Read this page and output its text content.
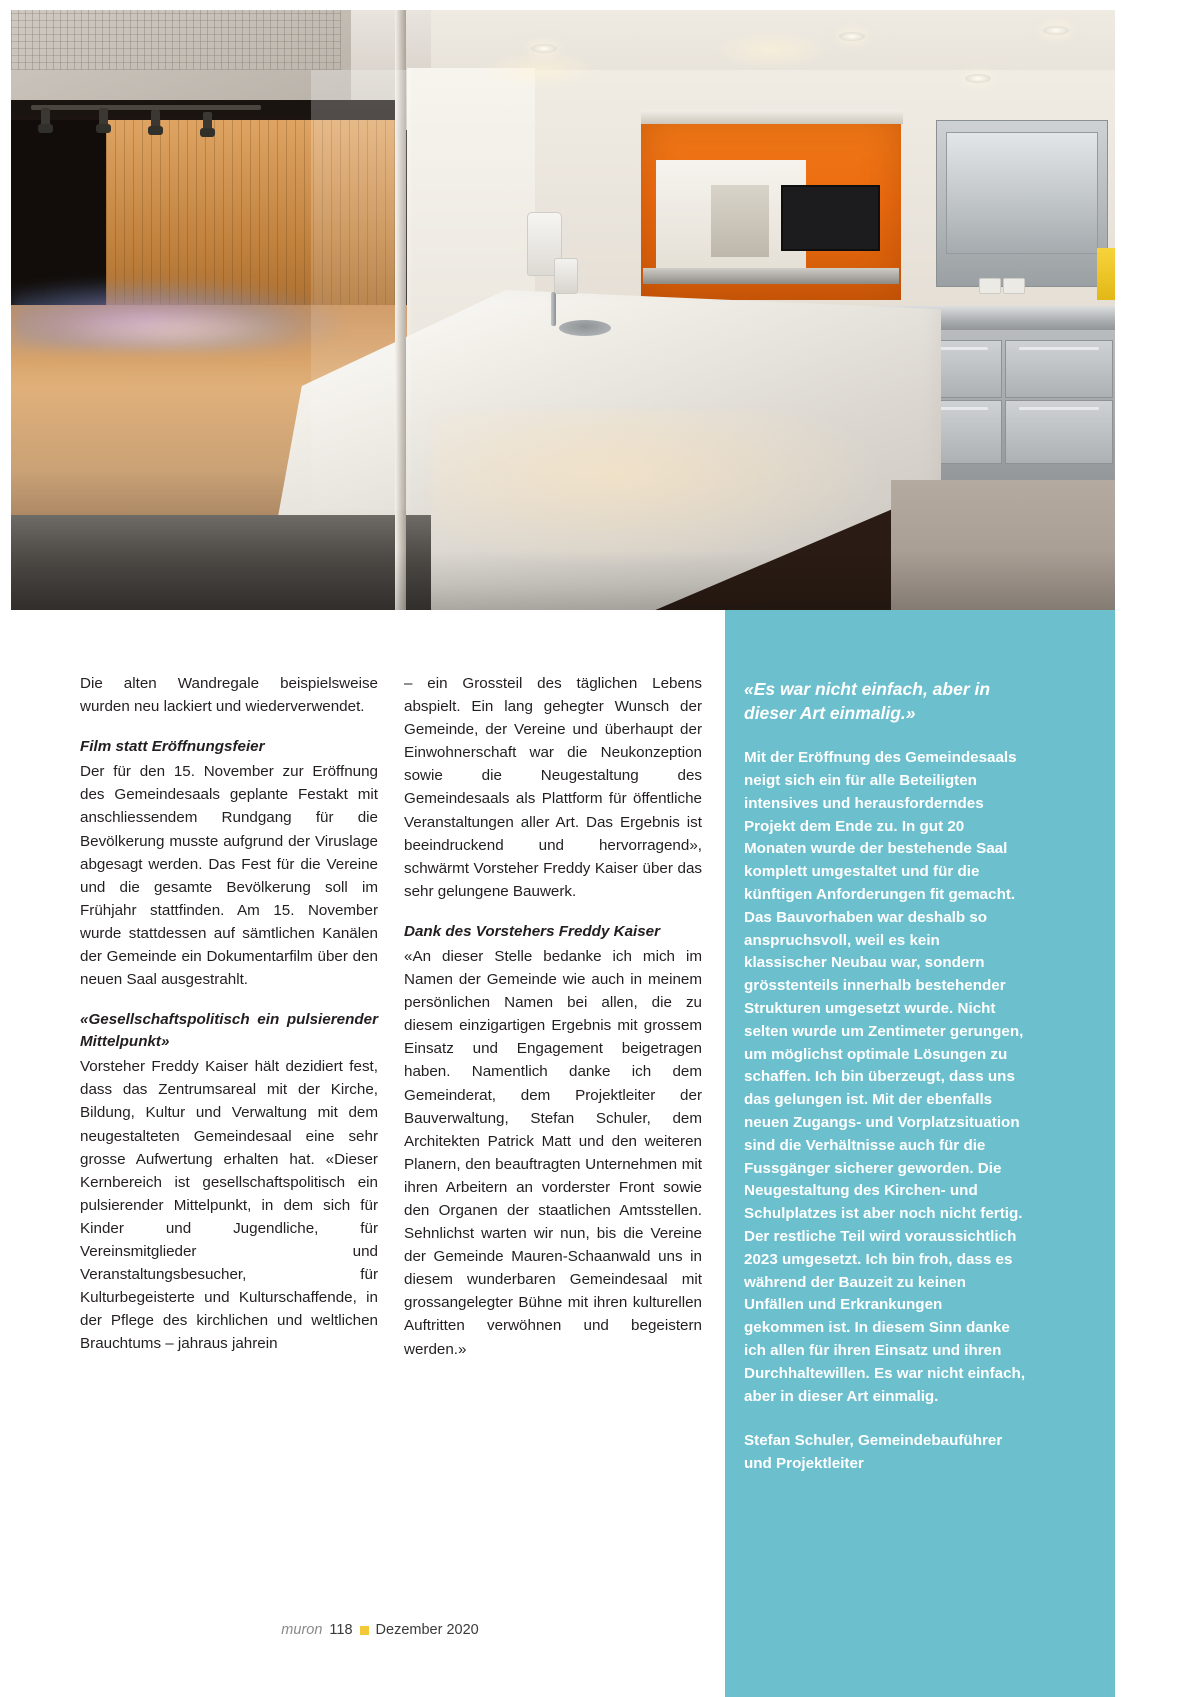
Die alten Wandregale beispielsweise wurden neu lackiert und wiederverwendet.

Film statt Eröffnungsfeier

Der für den 15. November zur Eröffnung des Gemeindesaals geplante Festakt mit anschliessendem Rundgang für die Bevölkerung musste aufgrund der Viruslage abgesagt werden. Das Fest für die Vereine und die gesamte Bevölkerung soll im Frühjahr stattfinden. Am 15. November wurde stattdessen auf sämtlichen Kanälen der Gemeinde ein Dokumentarfilm über den neuen Saal ausgestrahlt.

«Gesellschaftspolitisch ein pulsierender Mittelpunkt»

Vorsteher Freddy Kaiser hält dezidiert fest, dass das Zentrumsareal mit der Kirche, Bildung, Kultur und Verwaltung mit dem neugestalteten Gemeindesaal eine sehr grosse Aufwertung erhalten hat. «Dieser Kernbereich ist gesellschaftspolitisch ein pulsierender Mittelpunkt, in dem sich für Kinder und Jugendliche, für Vereinsmitglieder und Veranstaltungsbesucher, für Kulturbegeisterte und Kulturschaffende, in der Pflege des kirchlichen und weltlichen Brauchtums – jahraus jahrein

– ein Grossteil des täglichen Lebens abspielt. Ein lang gehegter Wunsch der Gemeinde, der Vereine und überhaupt der Einwohnerschaft war die Neukonzeption sowie die Neugestaltung des Gemeindesaals als Plattform für öffentliche Veranstaltungen aller Art. Das Ergebnis ist beeindruckend und hervorragend», schwärmt Vorsteher Freddy Kaiser über das sehr gelungene Bauwerk.

Dank des Vorstehers Freddy Kaiser

«An dieser Stelle bedanke ich mich im Namen der Gemeinde wie auch in meinem persönlichen Namen bei allen, die zu diesem einzigartigen Ergebnis mit grossem Einsatz und Engagement beigetragen haben. Namentlich danke ich dem Gemeinderat, dem Projektleiter der Bauverwaltung, Stefan Schuler, dem Architekten Patrick Matt und den weiteren Planern, den beauftragten Unternehmen mit ihren Arbeitern an vorderster Front sowie den Organen der staatlichen Amtsstellen. Sehnlichst warten wir nun, bis die Vereine der Gemeinde Mauren-Schaanwald uns in diesem wunderbaren Gemeindesaal mit grossangelegter Bühne mit ihren kulturellen Auftritten verwöhnen und begeistern werden.»

«Es war nicht einfach, aber in dieser Art einmalig.»

Mit der Eröffnung des Gemeindesaals neigt sich ein für alle Beteiligten intensives und herausforderndes Projekt dem Ende zu. In gut 20 Monaten wurde der bestehende Saal komplett umgestaltet und für die künftigen Anforderungen fit gemacht. Das Bauvorhaben war deshalb so anspruchsvoll, weil es kein klassischer Neubau war, sondern grösstenteils innerhalb bestehender Strukturen umgesetzt wurde. Nicht selten wurde um Zentimeter gerungen, um möglichst optimale Lösungen zu schaffen. Ich bin überzeugt, dass uns das gelungen ist. Mit der ebenfalls neuen Zugangs- und Vorplatzsituation sind die Verhältnisse auch für die Fussgänger sicherer geworden. Die Neugestaltung des Kirchen- und Schulplatzes ist aber noch nicht fertig. Der restliche Teil wird voraussichtlich 2023 umgesetzt. Ich bin froh, dass es während der Bauzeit zu keinen Unfällen und Erkrankungen gekommen ist. In diesem Sinn danke ich allen für ihren Einsatz und ihren Durchhaltewillen. Es war nicht einfach, aber in dieser Art einmalig.

Stefan Schuler, Gemeindebauführer und Projektleiter

muron 118 Dezember 2020
